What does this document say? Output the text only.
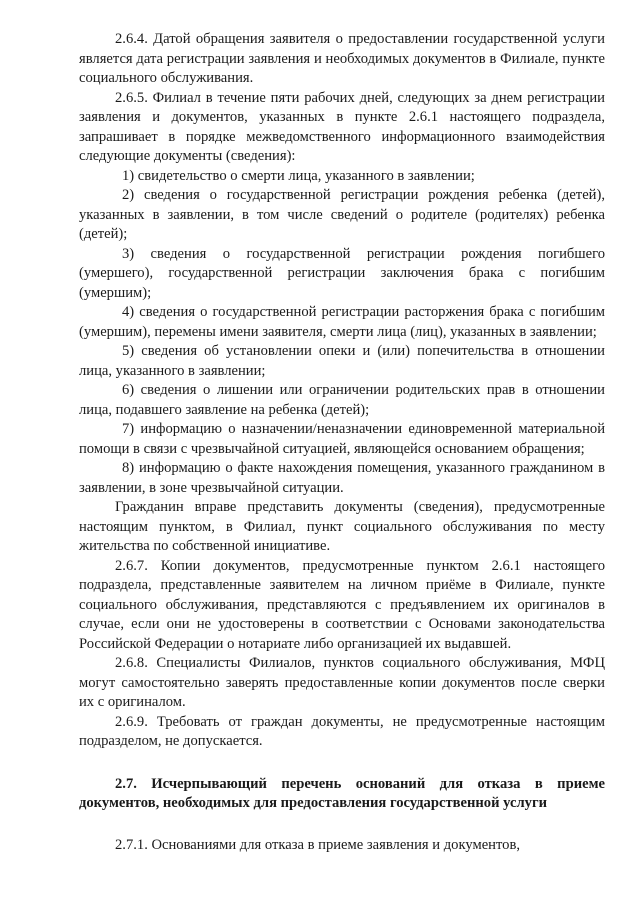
2.6.4. Датой обращения заявителя о предоставлении государственной услуги является дата регистрации заявления и необходимых документов в Филиале, пункте социального обслуживания.

2.6.5. Филиал в течение пяти рабочих дней, следующих за днем регистрации заявления и документов, указанных в пункте 2.6.1 настоящего подраздела, запрашивает в порядке межведомственного информационного взаимодействия следующие документы (сведения):

1) свидетельство о смерти лица, указанного в заявлении;

2) сведения о государственной регистрации рождения ребенка (детей), указанных в заявлении, в том числе сведений о родителе (родителях) ребенка (детей);

3) сведения о государственной регистрации рождения погибшего (умершего), государственной регистрации заключения брака с погибшим (умершим);

4) сведения о государственной регистрации расторжения брака с погибшим (умершим), перемены имени заявителя, смерти лица (лиц), указанных в заявлении;

5) сведения об установлении опеки и (или) попечительства в отношении лица, указанного в заявлении;

6) сведения о лишении или ограничении родительских прав в отношении лица, подавшего заявление на ребенка (детей);

7) информацию о назначении/неназначении единовременной материальной помощи в связи с чрезвычайной ситуацией, являющейся основанием обращения;

8) информацию о факте нахождения помещения, указанного гражданином в заявлении, в зоне чрезвычайной ситуации.

Гражданин вправе представить документы (сведения), предусмотренные настоящим пунктом, в Филиал, пункт социального обслуживания по месту жительства по собственной инициативе.

2.6.7. Копии документов, предусмотренные пунктом 2.6.1 настоящего подраздела, представленные заявителем на личном приёме в Филиале, пункте социального обслуживания, представляются с предъявлением их оригиналов в случае, если они не удостоверены в соответствии с Основами законодательства Российской Федерации о нотариате либо организацией их выдавшей.

2.6.8. Специалисты Филиалов, пунктов социального обслуживания, МФЦ могут самостоятельно заверять предоставленные копии документов после сверки их с оригиналом.

2.6.9. Требовать от граждан документы, не предусмотренные настоящим подразделом, не допускается.

2.7. Исчерпывающий перечень оснований для отказа в приеме документов, необходимых для предоставления государственной услуги

2.7.1. Основаниями для отказа в приеме заявления и документов,
